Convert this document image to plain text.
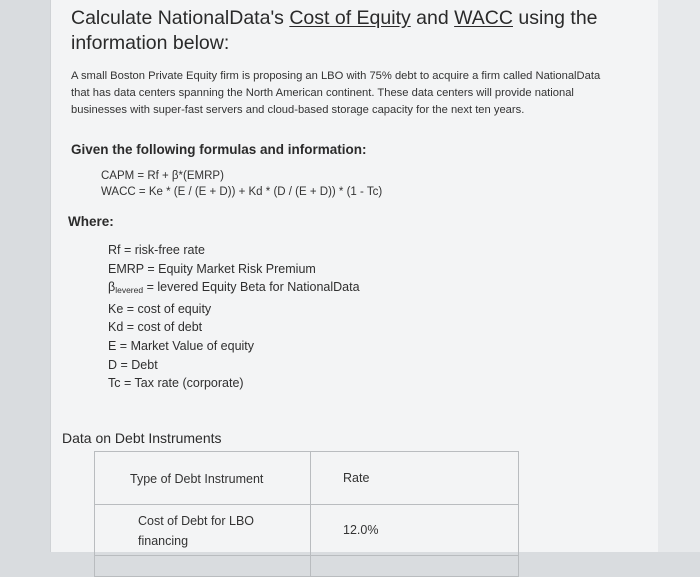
Calculate NationalData's Cost of Equity and WACC using the information below:
A small Boston Private Equity firm is proposing an LBO with 75% debt to acquire a firm called NationalData that has data centers spanning the North American continent. These data centers will provide national businesses with super-fast servers and cloud-based storage capacity for the next ten years.
Given the following formulas and information:
CAPM = Rf + β*(EMRP)
WACC = Ke * (E / (E + D)) + Kd * (D / (E + D)) * (1 - Tc)
Where:
Rf = risk-free rate
EMRP = Equity Market Risk Premium
$\beta_{levered}$ = levered Equity Beta for NationalData
Ke = cost of equity
Kd = cost of debt
E = Market Value of equity
D = Debt
Tc = Tax rate (corporate)
Data on Debt Instruments
Type of Debt Instrument	Rate
Cost of Debt for LBO financing	12.0%
